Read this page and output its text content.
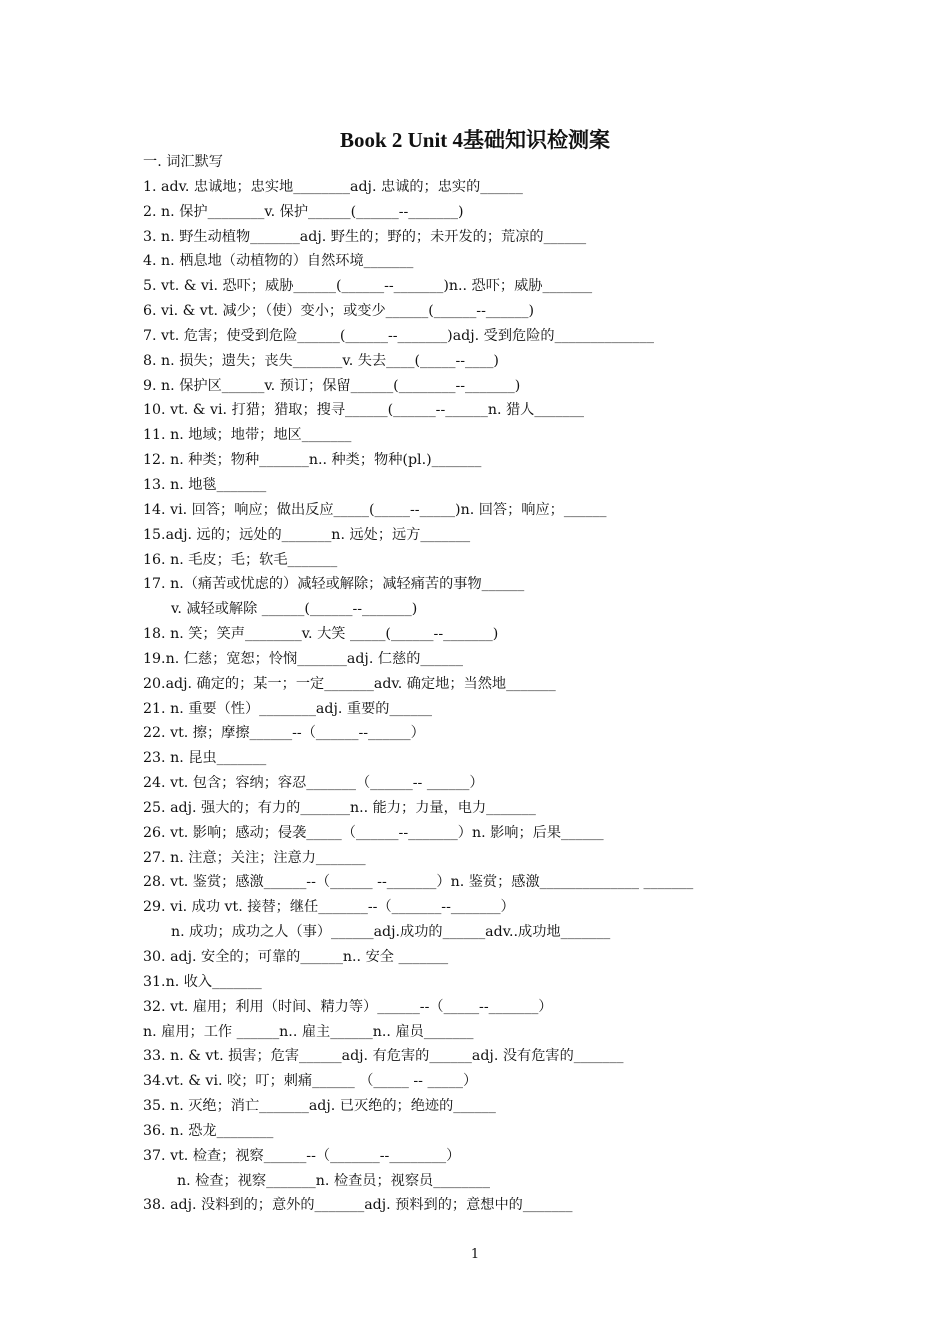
Book 2 Unit 4基础知识检测案
一. 词汇默写
1. adv. 忠诚地；忠实地________adj. 忠诚的；忠实的______
2. n. 保护________v. 保护______(______--_______)
3. n. 野生动植物_______adj. 野生的；野的；未开发的；荒凉的______
4. n. 栖息地（动植物的）自然环境_______
5. vt. & vi. 恐吓；威胁______(______--_______)n.. 恐吓；威胁_______
6. vi. & vt. 减少；（使）变小；或变少______(______--______)
7. vt. 危害；使受到危险______(______--_______)adj. 受到危险的______________
8. n. 损失；遗失；丧失_______v. 失去____(_____--____)
9. n. 保护区______v. 预订；保留______(________--_______)
10. vt. & vi. 打猎；猎取；搜寻______(______--______n. 猎人_______
11. n. 地域；地带；地区_______
12. n. 种类；物种_______n.. 种类；物种(pl.)_______
13. n. 地毯_______
14. vi. 回答；响应；做出反应_____(_____--_____)n. 回答；响应；______
15.adj. 远的；远处的_______n. 远处；远方_______
16. n. 毛皮；毛；软毛_______
17. n.（痛苦或忧虑的）减轻或解除；减轻痛苦的事物______
v. 减轻或解除 ______(______--_______)
18. n. 笑；笑声________v. 大笑 _____(______--_______)
19.n. 仁慈；宽恕；怜悯_______adj. 仁慈的______
20.adj. 确定的；某一；一定_______adv. 确定地；当然地_______
21. n. 重要（性）________adj. 重要的______
22. vt. 擦；摩擦______--（______--______）
23. n. 昆虫_______
24. vt. 包含；容纳；容忍_______（______-- ______）
25. adj. 强大的；有力的_______n.. 能力；力量，电力_______
26. vt. 影响；感动；侵袭_____（______--_______）n. 影响；后果______
27. n. 注意；关注；注意力_______
28. vt. 鉴赏；感激______--（______ --_______）n. 鉴赏；感激______________ _______
29. vi. 成功 vt. 接替；继任_______--（_______--_______）
n. 成功；成功之人（事）______adj.成功的______adv..成功地_______
30. adj. 安全的；可靠的______n.. 安全 _______
31.n. 收入_______
32. vt. 雇用；利用（时间、精力等）______--（_____--_______）
n. 雇用；工作 ______n.. 雇主______n.. 雇员_______
33. n. & vt. 损害；危害______adj. 有危害的______adj. 没有危害的_______
34.vt. & vi. 咬；叮；刺痛______ （_____ -- _____）
35. n. 灭绝；消亡_______adj. 已灭绝的；绝迹的______
36. n. 恐龙________
37. vt. 检查；视察______--（_______--________）
n. 检查；视察_______n. 检查员；视察员________
38. adj. 没料到的；意外的_______adj. 预料到的；意想中的_______
1
